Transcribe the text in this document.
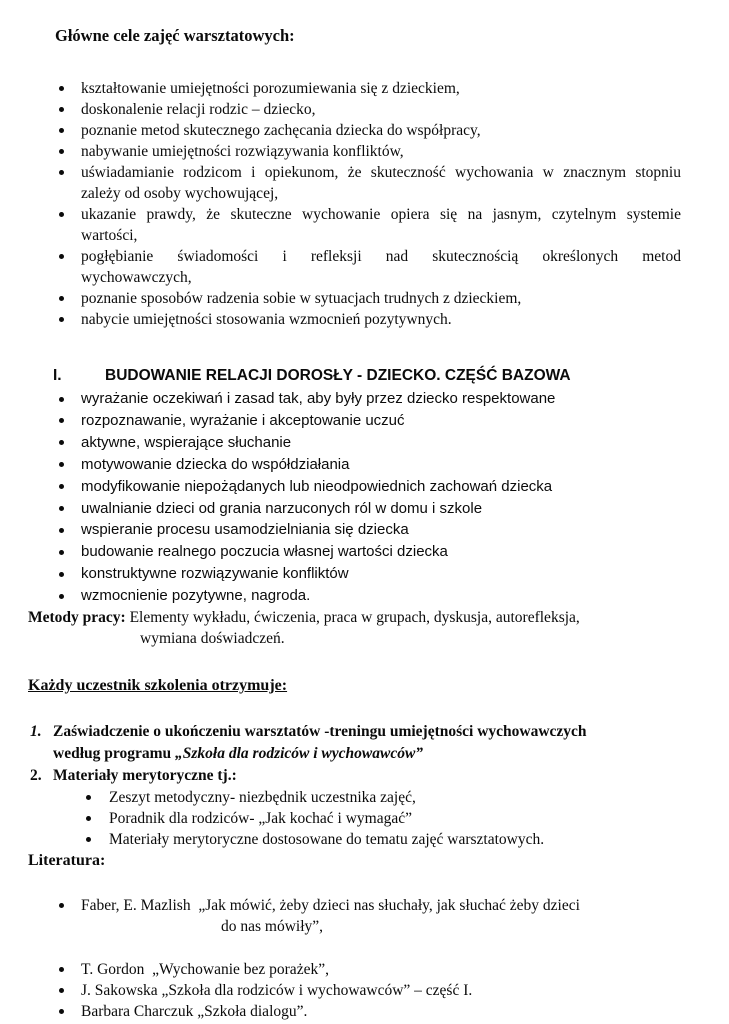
Główne cele zajęć warsztatowych:
kształtowanie umiejętności porozumiewania się z dzieckiem,
doskonalenie relacji rodzic – dziecko,
poznanie metod skutecznego zachęcania dziecka do współpracy,
nabywanie umiejętności rozwiązywania konfliktów,
uświadamianie rodzicom i opiekunom, że skuteczność wychowania w znacznym stopniu
zależy od osoby wychowującej,
ukazanie prawdy, że skuteczne wychowanie opiera się na jasnym, czytelnym systemie
wartości,
pogłębianie świadomości i refleksji nad skutecznością określonych metod
wychowawczych,
poznanie sposobów radzenia sobie w sytuacjach trudnych z dzieckiem,
nabycie umiejętności stosowania wzmocnień pozytywnych.
I.	BUDOWANIE RELACJI DOROSŁY - DZIECKO. CZĘŚĆ BAZOWA
wyrażanie oczekiwań i zasad tak, aby były przez dziecko respektowane
rozpoznawanie, wyrażanie i akceptowanie uczuć
aktywne, wspierające słuchanie
motywowanie dziecka do współdziałania
modyfikowanie niepożądanych lub nieodpowiednich zachowań dziecka
uwalnianie dzieci od grania narzuconych ról w domu i szkole
wspieranie procesu usamodzielniania się dziecka
budowanie realnego poczucia własnej wartości dziecka
konstruktywne rozwiązywanie konfliktów
wzmocnienie pozytywne, nagroda.
Metody pracy: Elementy wykładu, ćwiczenia, praca w grupach, dyskusja, autorefleksja,
wymiana doświadczeń.
Każdy uczestnik szkolenia otrzymuje:
1. Zaświadczenie o ukończeniu warsztatów -treningu umiejętności wychowawczych
według programu „Szkoła dla rodziców i wychowawców”
2. Materiały merytoryczne tj.:
Zeszyt metodyczny- niezbędnik uczestnika zajęć,
Poradnik dla rodziców- „Jak kochać i wymagać”
Materiały merytoryczne dostosowane do tematu zajęć warsztatowych.
Literatura:
Faber, E. Mazlish  „Jak mówić, żeby dzieci nas słuchały, jak słuchać żeby dzieci
do nas mówiły”,
T. Gordon  „Wychowanie bez porażek”,
J. Sakowska „Szkoła dla rodziców i wychowawców” – część I.
Barbara Charczuk „Szkoła dialogu”.
